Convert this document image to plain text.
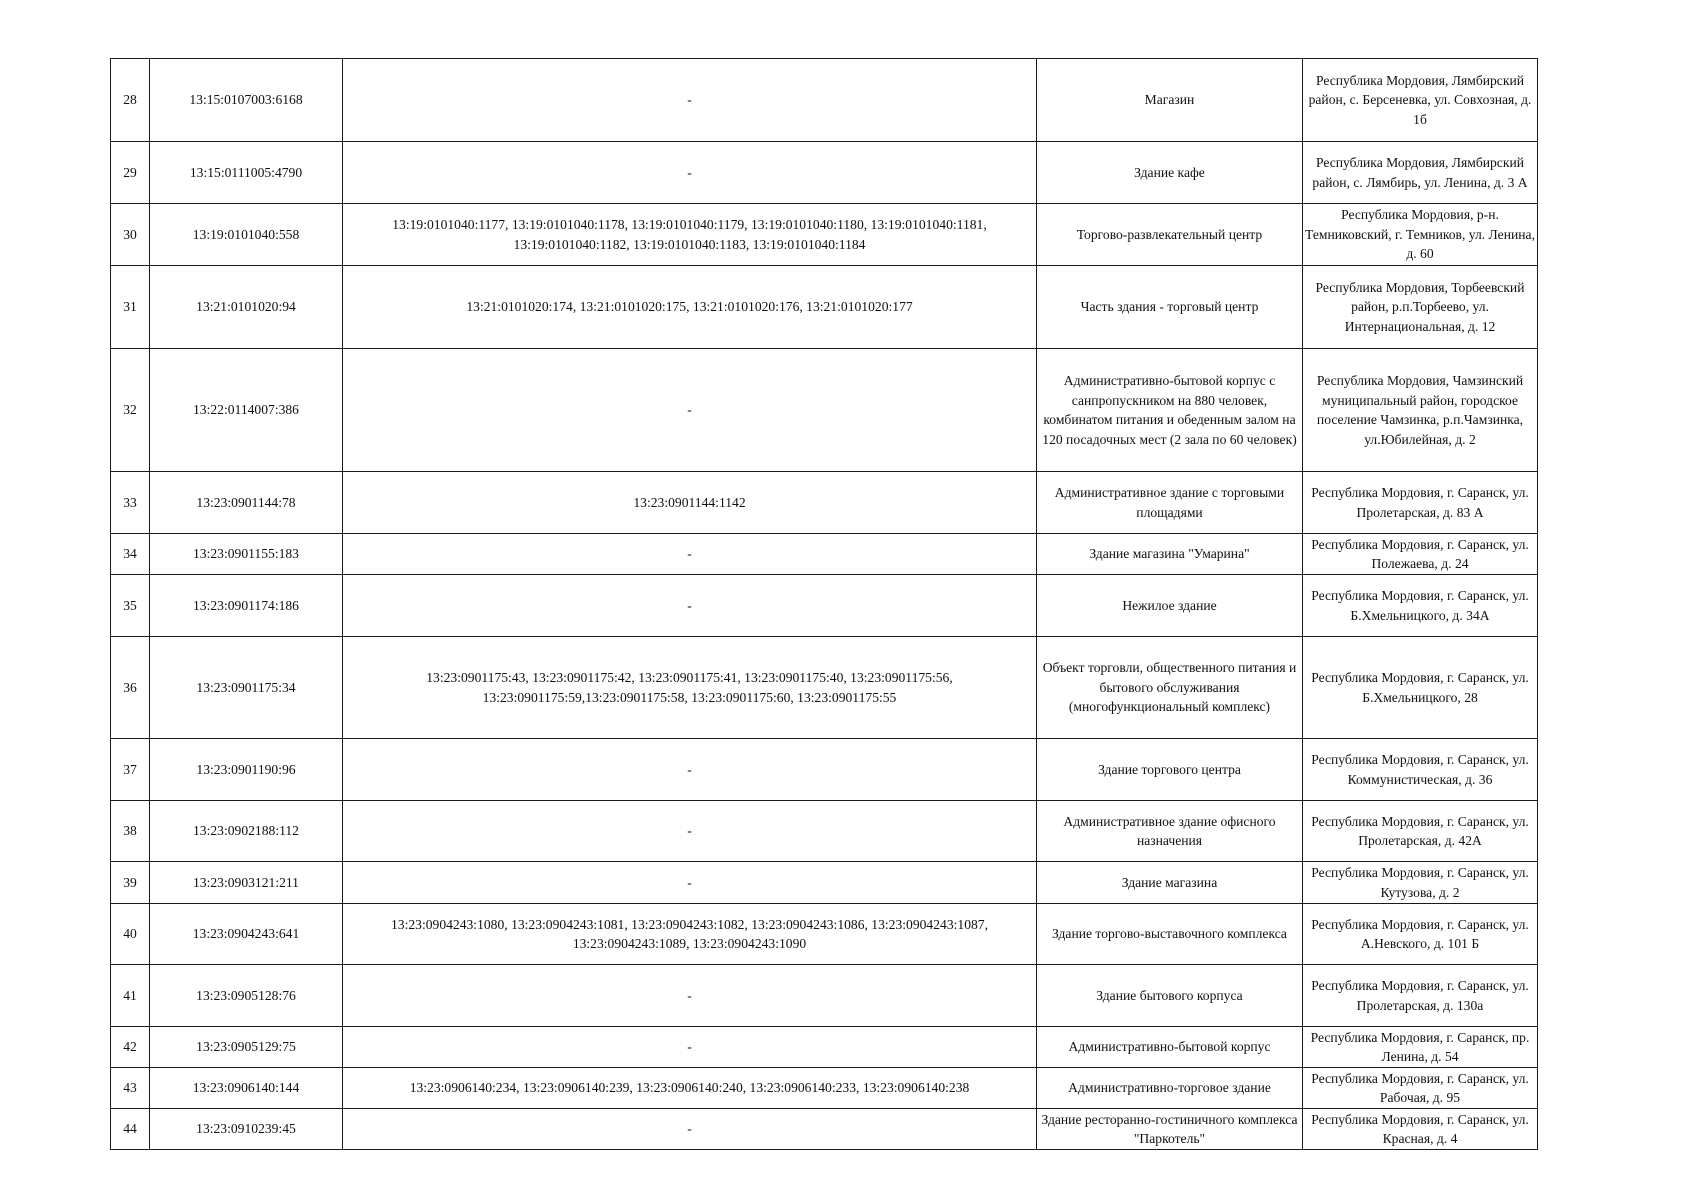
28	13:15:0107003:6168	-	Магазин	Республика Мордовия, Лямбирский район, с. Берсеневка, ул. Совхозная, д. 1б
29	13:15:0111005:4790	-	Здание кафе	Республика Мордовия, Лямбирский район, с. Лямбирь, ул. Ленина, д. 3 А
30	13:19:0101040:558	13:19:0101040:1177, 13:19:0101040:1178, 13:19:0101040:1179, 13:19:0101040:1180, 13:19:0101040:1181, 13:19:0101040:1182, 13:19:0101040:1183, 13:19:0101040:1184	Торгово-развлекательный центр	Республика Мордовия, р-н. Темниковский, г. Темников, ул. Ленина, д. 60
31	13:21:0101020:94	13:21:0101020:174, 13:21:0101020:175, 13:21:0101020:176, 13:21:0101020:177	Часть здания - торговый центр	Республика Мордовия, Торбеевский район, р.п.Торбеево, ул. Интернациональная, д. 12
32	13:22:0114007:386	-	Административно-бытовой корпус с санпропускником на 880 человек, комбинатом питания и обеденным залом на 120 посадочных мест (2 зала по 60 человек)	Республика Мордовия, Чамзинский муниципальный район, городское поселение Чамзинка, р.п.Чамзинка, ул.Юбилейная, д. 2
33	13:23:0901144:78	13:23:0901144:1142	Административное здание с торговыми площадями	Республика Мордовия, г. Саранск, ул. Пролетарская, д. 83 А
34	13:23:0901155:183	-	Здание магазина "Умарина"	Республика Мордовия, г. Саранск, ул. Полежаева, д. 24
35	13:23:0901174:186	-	Нежилое здание	Республика Мордовия, г. Саранск, ул. Б.Хмельницкого, д. 34А
36	13:23:0901175:34	13:23:0901175:43, 13:23:0901175:42, 13:23:0901175:41, 13:23:0901175:40, 13:23:0901175:56, 13:23:0901175:59,13:23:0901175:58, 13:23:0901175:60, 13:23:0901175:55	Объект торговли, общественного питания и бытового обслуживания (многофункциональный комплекс)	Республика Мордовия, г. Саранск, ул. Б.Хмельницкого, 28
37	13:23:0901190:96	-	Здание торгового центра	Республика Мордовия, г. Саранск, ул. Коммунистическая, д. 36
38	13:23:0902188:112	-	Административное здание офисного назначения	Республика Мордовия, г. Саранск, ул. Пролетарская, д. 42А
39	13:23:0903121:211	-	Здание магазина	Республика Мордовия, г. Саранск, ул. Кутузова, д. 2
40	13:23:0904243:641	13:23:0904243:1080, 13:23:0904243:1081, 13:23:0904243:1082, 13:23:0904243:1086, 13:23:0904243:1087, 13:23:0904243:1089, 13:23:0904243:1090	Здание торгово-выставочного комплекса	Республика Мордовия, г. Саранск, ул. А.Невского, д. 101 Б
41	13:23:0905128:76	-	Здание бытового корпуса	Республика Мордовия, г. Саранск, ул. Пролетарская, д. 130а
42	13:23:0905129:75	-	Административно-бытовой корпус	Республика Мордовия, г. Саранск, пр. Ленина, д. 54
43	13:23:0906140:144	13:23:0906140:234, 13:23:0906140:239, 13:23:0906140:240, 13:23:0906140:233, 13:23:0906140:238	Административно-торговое здание	Республика Мордовия, г. Саранск, ул. Рабочая, д. 95
44	13:23:0910239:45	-	Здание ресторанно-гостиничного комплекса "Паркотель"	Республика Мордовия, г. Саранск, ул. Красная, д. 4
